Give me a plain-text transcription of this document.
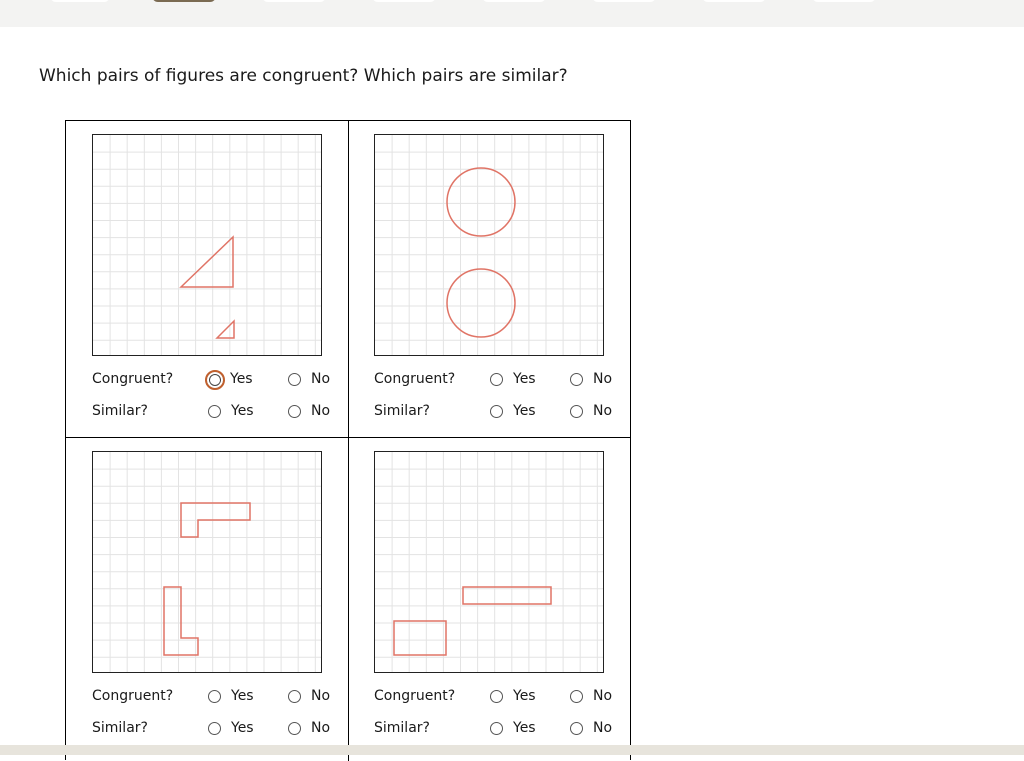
Which pairs of figures are congruent? Which pairs are similar?
Congruent?	Yes	No
Similar?	Yes	No
Congruent?	Yes	No
Similar?	Yes	No
Congruent?	Yes	No
Similar?	Yes	No
Congruent?	Yes	No
Similar?	Yes	No
